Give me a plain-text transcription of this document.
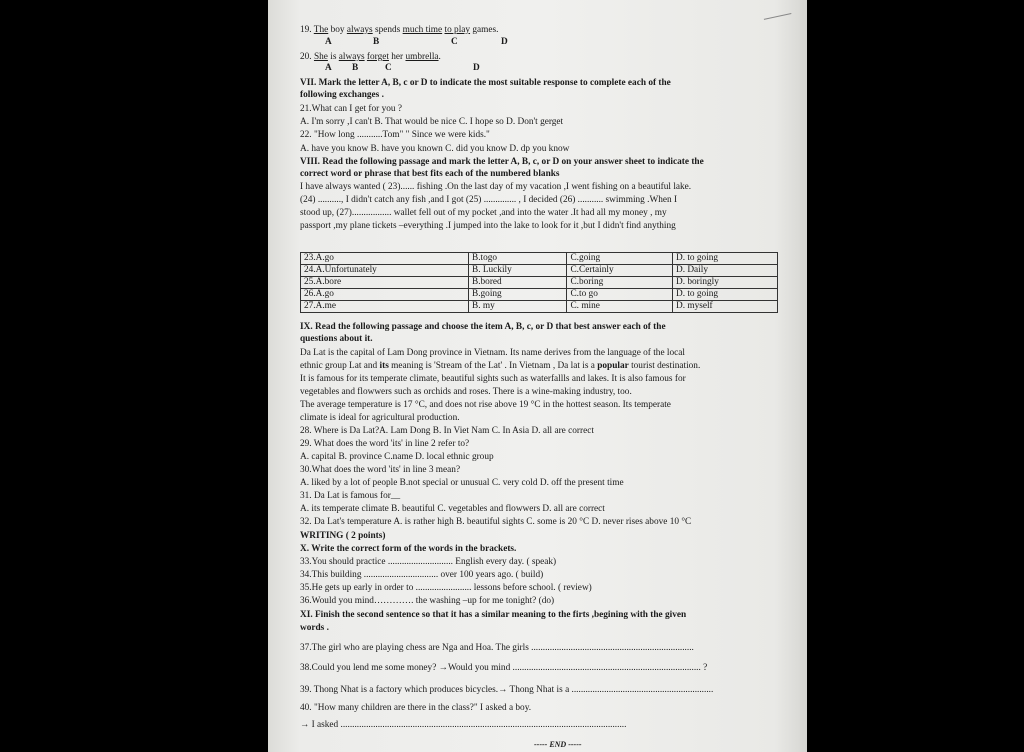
19. The boy always spends much time to play games.
A	B	C	D
20. She is always forget her umbrella.
A B	C	D
VII. Mark the letter A, B, c or D to indicate the most suitable response to complete each of the
following exchanges .
21.What can I get for you ?
A. I'm sorry ,I can't B. That would be nice C. I hope so D. Don't gerget
22. "How long ...........Tom" " Since we were kids."
A. have you know B. have you known C. did you know D. dp you know
VIII. Read the following passage and mark the letter A, B, c, or D on your answer sheet to indicate the
correct word or phrase that best fits each of the numbered blanks
I have always wanted ( 23)...... fishing .On the last day of my vacation ,I went fishing on a beautiful lake.
(24) .........., I didn't catch any fish ,and I got (25) .............. , I decided (26) ........... swimming .When I
stood up, (27)................. wallet fell out of my pocket ,and into the water .It had all my money , my
passport ,my plane tickets –everything .I jumped into the lake to look for it ,but I didn't find anything
23.A.go	B.togo	C.going	D. to going
24.A.Unfortunately	B. Luckily	C.Certainly	D. Daily
25.A.bore	B.bored	C.boring	D. boringly
26.A.go	B.going	C.to go	D. to going
27.A.me	B. my	C. mine	D. myself
IX. Read the following passage and choose the item A, B, c, or D that best answer each of the
questions about it.
Da Lat is the capital of Lam Dong province in Vietnam. Its name derives from the language of the local
ethnic group Lat and its meaning is 'Stream of the Lat' . In Vietnam , Da lat is a popular tourist destination.
It is famous for its temperate climate, beautiful sights such as waterfallls and lakes. It is also famous for
vegetables and flowwers such as orchids and roses. There is a wine-making industry, too.
The average temperature is 17 °C, and does not rise above 19 °C in the hottest season. Its temperate
climate is ideal for agricultural production.
28. Where is Da Lat?A. Lam Dong B. In Viet Nam C. In Asia D. all are correct
29. What does the word 'its' in line 2 refer to?
A. capital B. province C.name D. local ethnic group
30.What does the word 'its' in line 3 mean?
A. liked by a lot of people B.not special or unusual C. very cold D. off the present time
31. Da Lat is famous for__
A. its temperate climate B. beautiful C. vegetables and flowwers D. all are correct
32. Da Lat's temperature A. is rather high B. beautiful sights C. some is 20 °C D. never rises above 10 °C
WRITING ( 2 points)
X. Write the correct form of the words in the brackets.
33.You should practice ............................ English every day. ( speak)
34.This building ................................ over 100 years ago. ( build)
35.He gets up early in order to ........................ lessons before school. ( review)
36.Would you mind…………. the washing –up for me tonight? (do)
XI. Finish the second sentence so that it has a similar meaning to the firts ,begining with the given
words .
37.The girl who are playing chess are Nga and Hoa. The girls ......................................................................
38.Could you lend me some money? →Would you mind ................................................................................. ?
39. Thong Nhat is a factory which produces bicycles.→ Thong Nhat is a .............................................................
40. "How many children are there in the class?" I asked a boy.
→ I asked ...........................................................................................................................
----- END -----
